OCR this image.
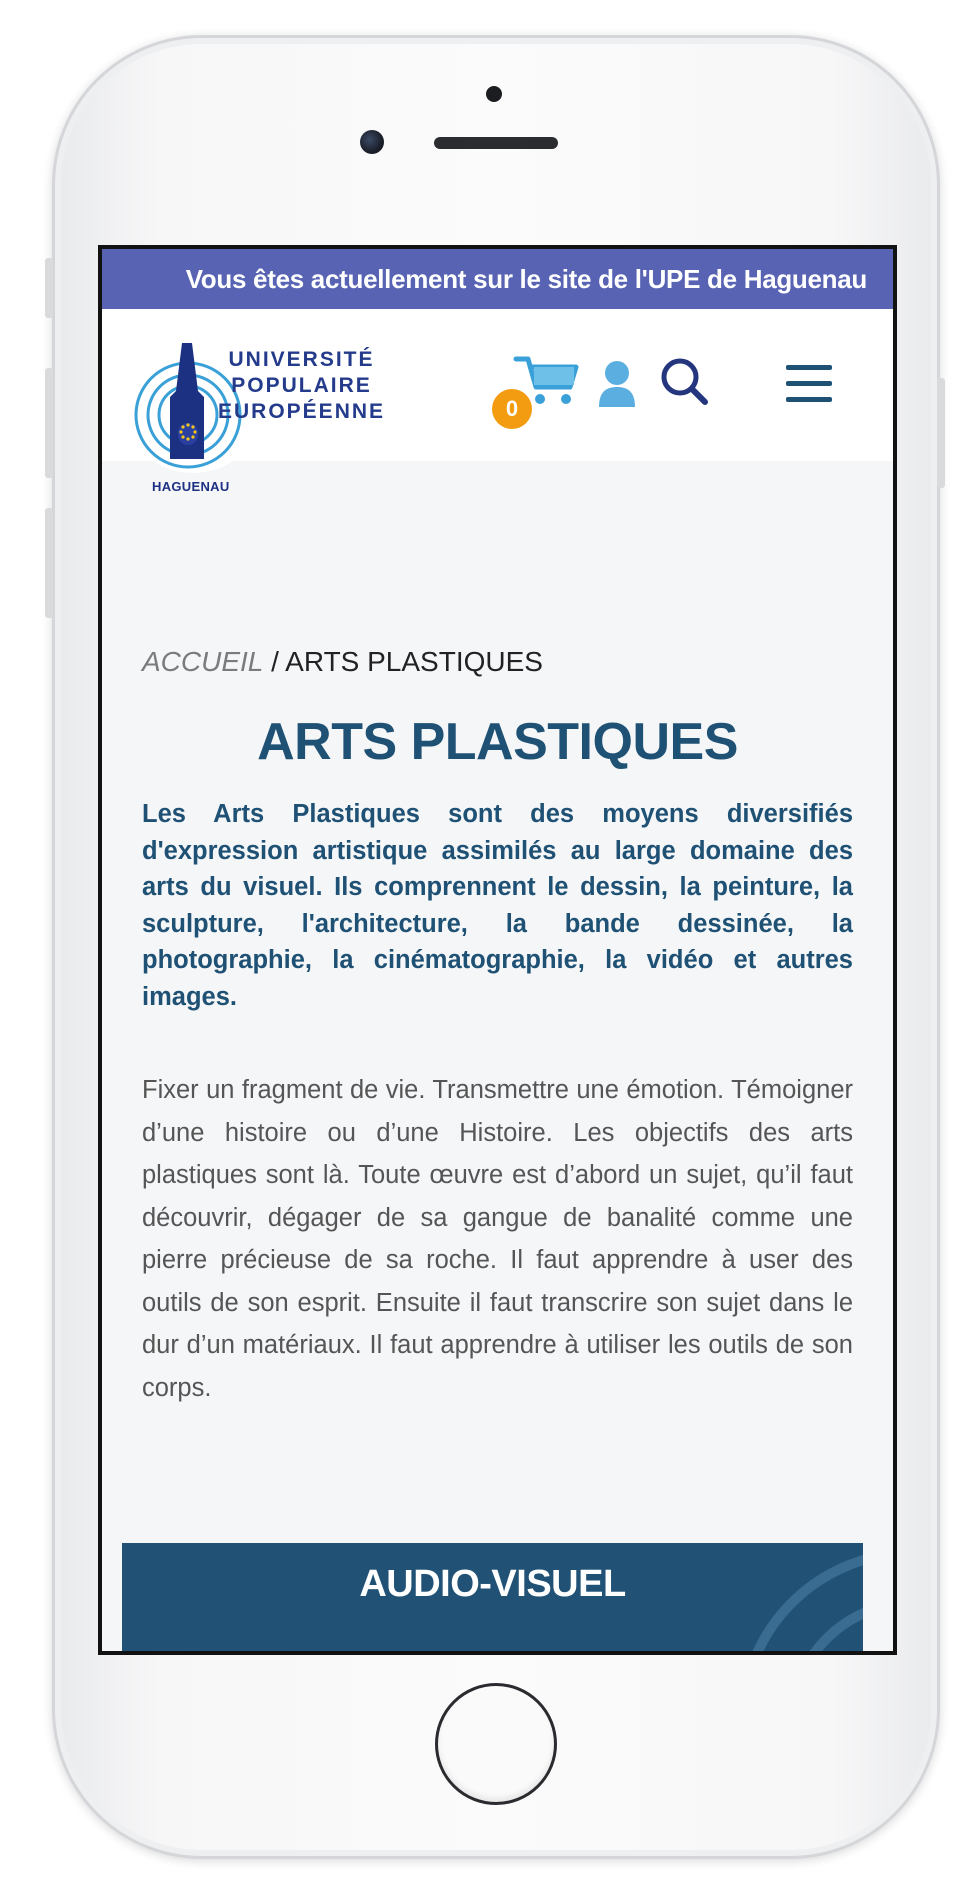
Vous êtes actuellement sur le site de l'UPE de Haguenau
UNIVERSITÉ
POPULAIRE
EUROPÉENNE
HAGUENAU
0
ACCUEIL / ARTS PLASTIQUES
ARTS PLASTIQUES

Les Arts Plastiques sont des moyens diversifiés d'expression artistique assimilés au large domaine des arts du visuel. Ils comprennent le dessin, la peinture, la sculpture, l'architecture, la bande dessinée, la photographie, la cinématographie, la vidéo et autres images.

Fixer un fragment de vie. Transmettre une émotion. Témoigner d’une histoire ou d’une Histoire. Les objectifs des arts plastiques sont là. Toute œuvre est d’abord un sujet, qu’il faut découvrir, dégager de sa gangue de banalité comme une pierre précieuse de sa roche. Il faut apprendre à user des outils de son esprit. Ensuite il faut transcrire son sujet dans le dur d’un matériaux. Il faut apprendre à utiliser les outils de son corps.

AUDIO-VISUEL
